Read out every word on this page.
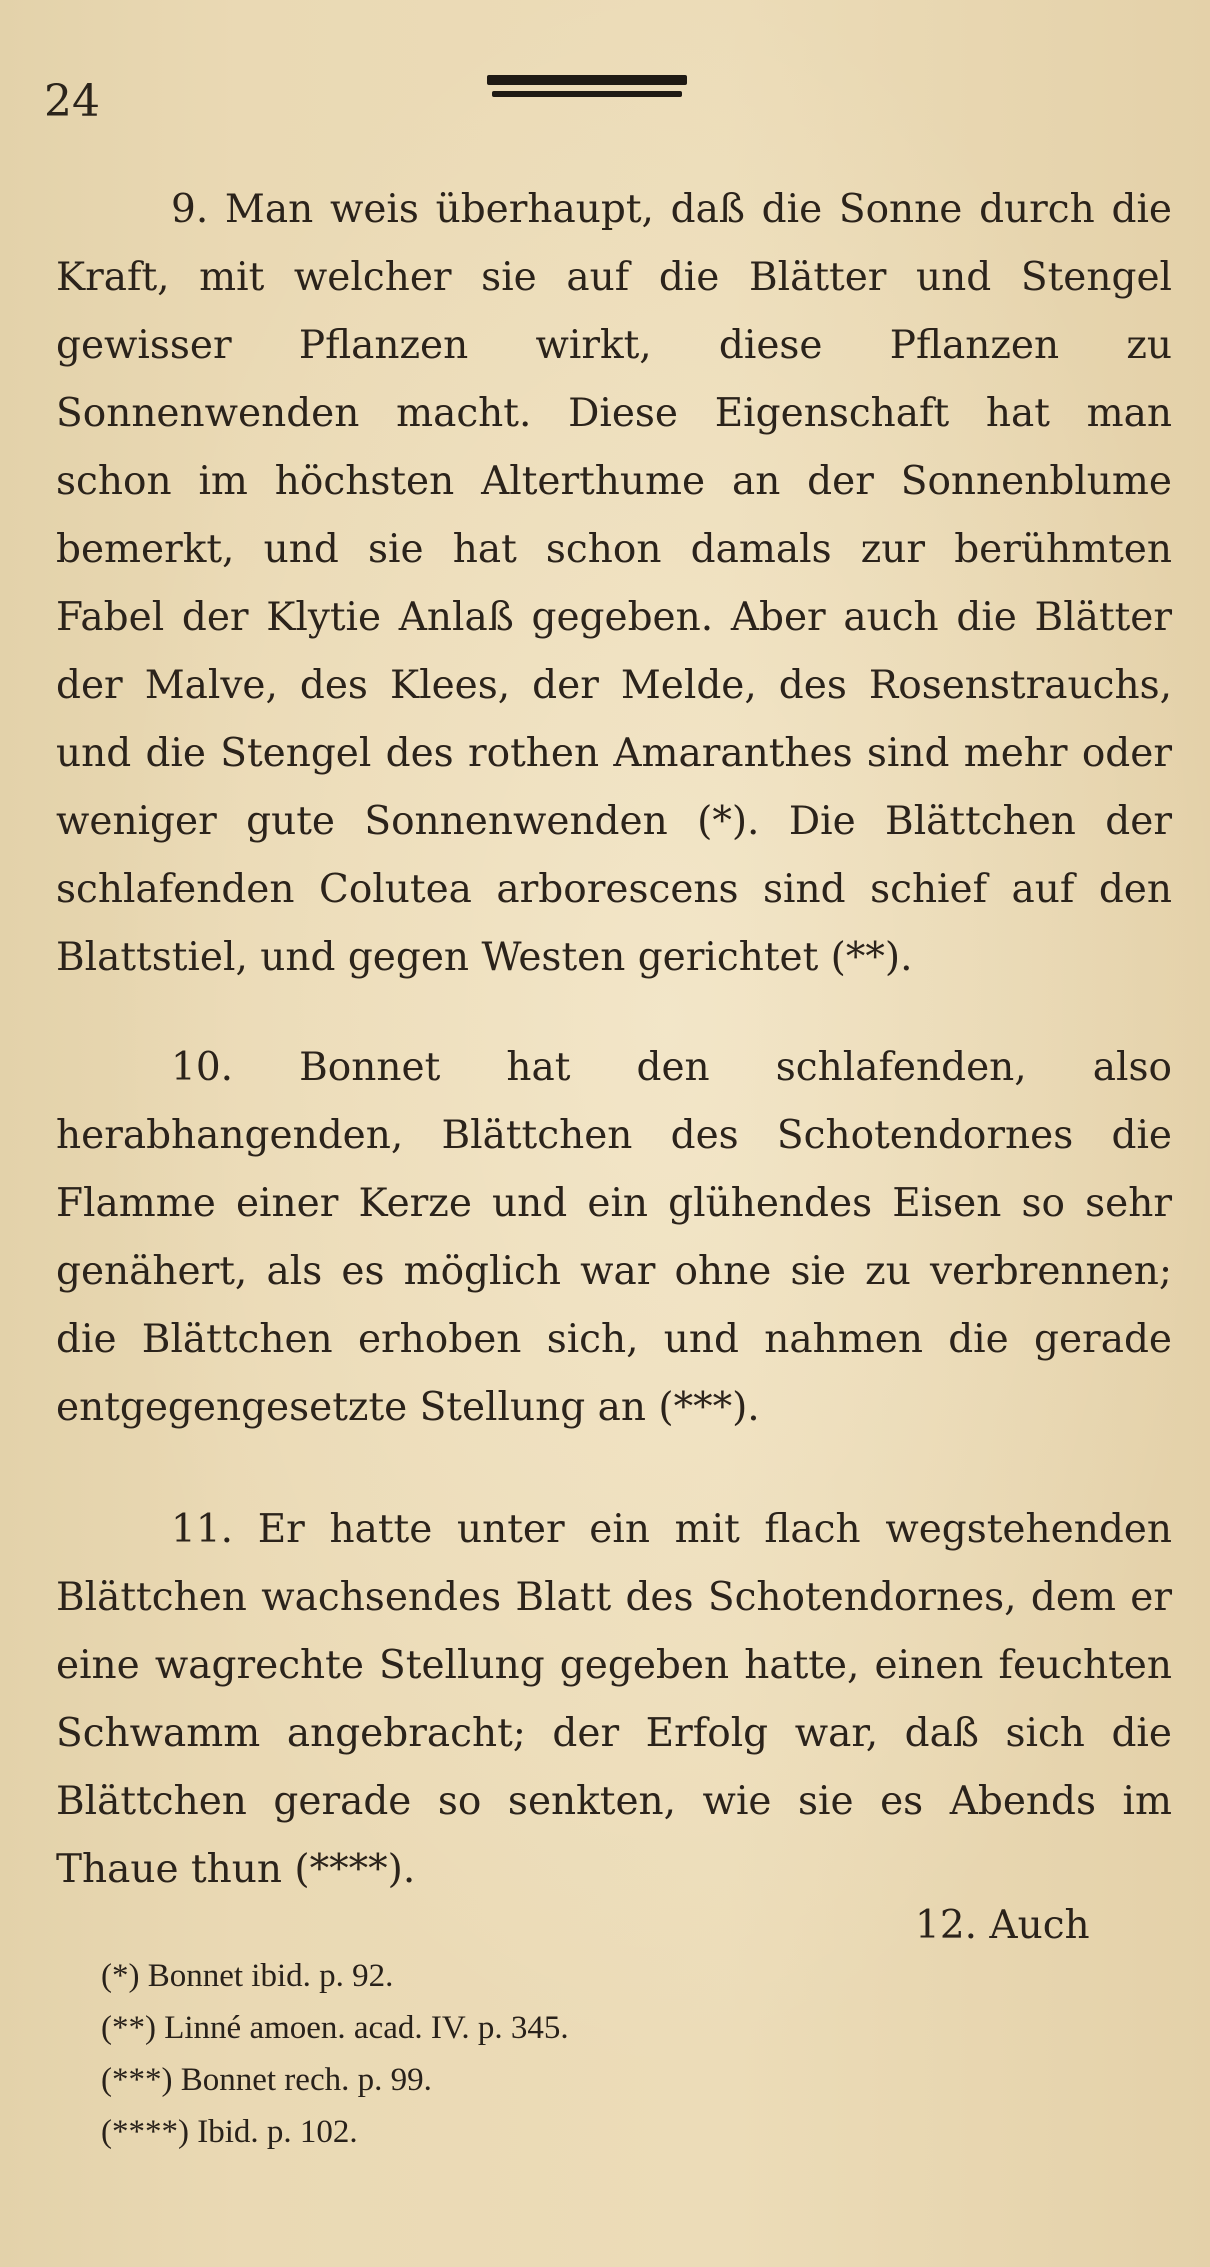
24
9. Man weis überhaupt, daß die Sonne durch die Kraft, mit welcher sie auf die Blätter und Stengel gewisser Pflanzen wirkt, diese Pflanzen zu Sonnenwenden macht. Diese Eigenschaft hat man schon im höchsten Alterthume an der Sonnenblume bemerkt, und sie hat schon damals zur berühmten Fabel der Klytie Anlaß gegeben. Aber auch die Blätter der Malve, des Klees, der Melde, des Rosenstrauchs, und die Stengel des rothen Amaranthes sind mehr oder weniger gute Sonnenwenden (*). Die Blättchen der schlafenden Colutea arborescens sind schief auf den Blattstiel, und gegen Westen gerichtet (**).
10. Bonnet hat den schlafenden, also herabhangenden, Blättchen des Schotendornes die Flamme einer Kerze und ein glühendes Eisen so sehr genähert, als es möglich war ohne sie zu verbrennen; die Blättchen erhoben sich, und nahmen die gerade entgegengesetzte Stellung an (***).
11. Er hatte unter ein mit flach wegstehenden Blättchen wachsendes Blatt des Schotendornes, dem er eine wagrechte Stellung gegeben hatte, einen feuchten Schwamm angebracht; der Erfolg war, daß sich die Blättchen gerade so senkten, wie sie es Abends im Thaue thun (****).
12. Auch
(*) Bonnet ibid. p. 92.
(**) Linné amoen. acad. IV. p. 345.
(***) Bonnet rech. p. 99.
(****) Ibid. p. 102.
